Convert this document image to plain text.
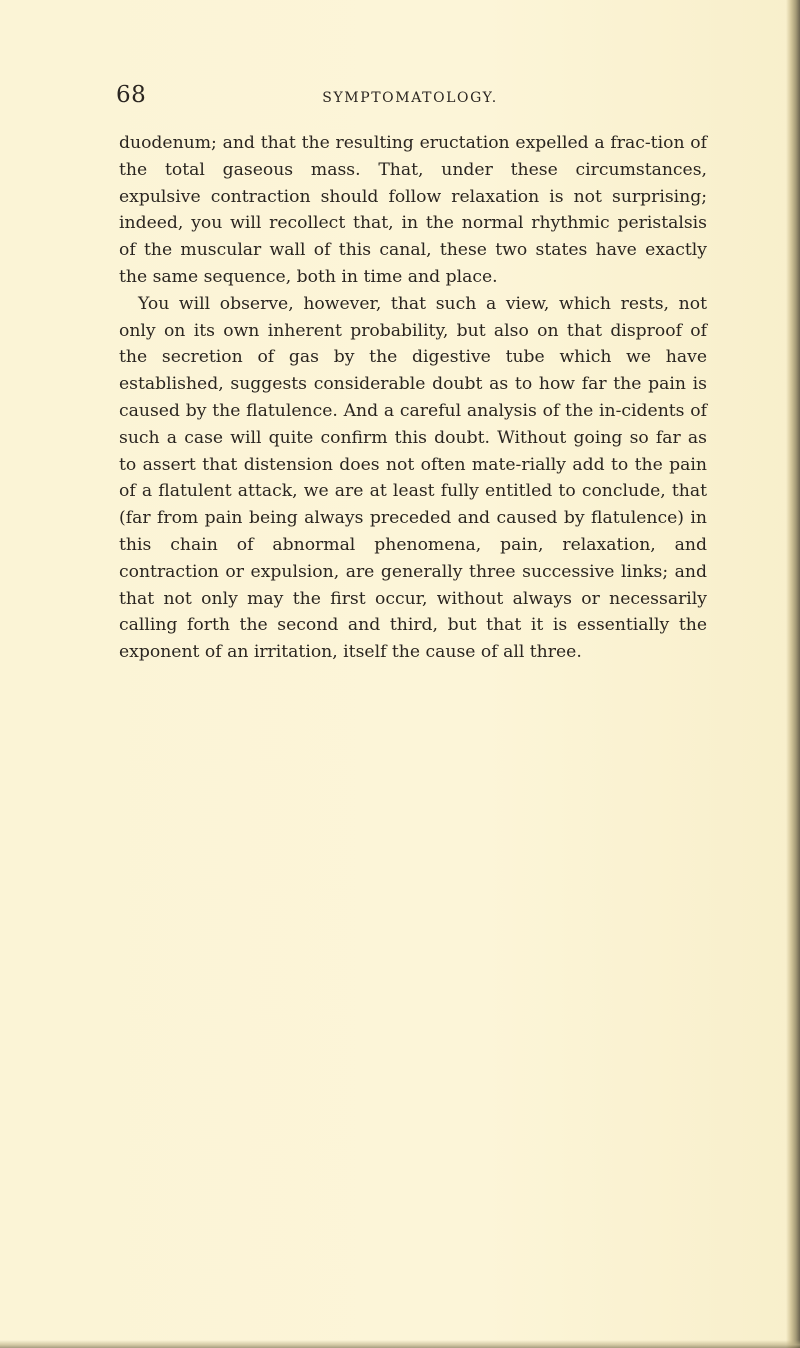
68	SYMPTOMATOLOGY.

duodenum; and that the resulting eructation expelled a frac-tion of the total gaseous mass. That, under these circumstances, expulsive contraction should follow relaxation is not surprising; indeed, you will recollect that, in the normal rhythmic peristalsis of the muscular wall of this canal, these two states have exactly the same sequence, both in time and place.

You will observe, however, that such a view, which rests, not only on its own inherent probability, but also on that disproof of the secretion of gas by the digestive tube which we have established, suggests considerable doubt as to how far the pain is caused by the flatulence. And a careful analysis of the in-cidents of such a case will quite confirm this doubt. Without going so far as to assert that distension does not often mate-rially add to the pain of a flatulent attack, we are at least fully entitled to conclude, that (far from pain being always preceded and caused by flatulence) in this chain of abnormal phenomena, pain, relaxation, and contraction or expulsion, are generally three successive links; and that not only may the first occur, without always or necessarily calling forth the second and third, but that it is essentially the exponent of an irritation, itself the cause of all three.
